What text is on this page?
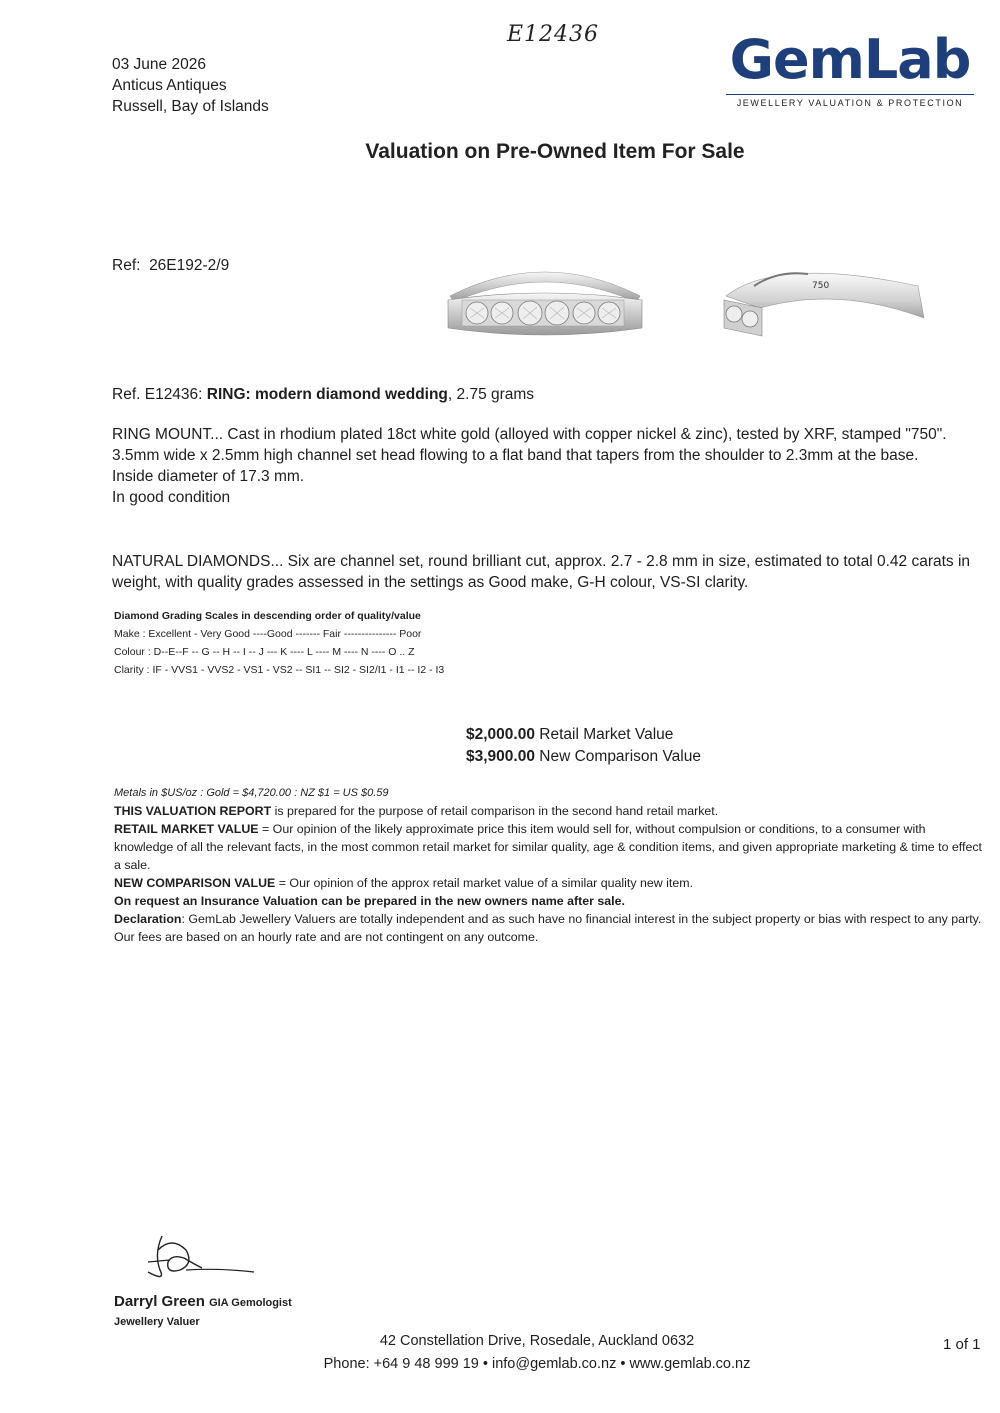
E12436
03 June 2026
Anticus Antiques
Russell, Bay of Islands
GemLab
JEWELLERY VALUATION & PROTECTION
Valuation on Pre-Owned Item For Sale
Ref: 26E192-2/9
750
Ref. E12436: RING: modern diamond wedding, 2.75 grams
RING MOUNT... Cast in rhodium plated 18ct white gold (alloyed with copper nickel & zinc), tested by XRF, stamped "750".
3.5mm wide x 2.5mm high channel set head flowing to a flat band that tapers from the shoulder to 2.3mm at the base.
Inside diameter of 17.3 mm.
In good condition
NATURAL DIAMONDS... Six are channel set, round brilliant cut, approx. 2.7 - 2.8 mm in size, estimated to total 0.42 carats in weight, with quality grades assessed in the settings as Good make, G-H colour, VS-SI clarity.
Diamond Grading Scales in descending order of quality/value
Make : Excellent - Very Good ----Good ------- Fair --------------- Poor
Colour : D--E--F -- G -- H -- I -- J --- K ---- L ---- M ---- N ---- O .. Z
Clarity : IF - VVS1 - VVS2 - VS1 - VS2 -- SI1 -- SI2 - SI2/I1 - I1 -- I2 - I3
$2,000.00 Retail Market Value
$3,900.00 New Comparison Value
Metals in $US/oz : Gold = $4,720.00 : NZ $1 = US $0.59
THIS VALUATION REPORT is prepared for the purpose of retail comparison in the second hand retail market.
RETAIL MARKET VALUE = Our opinion of the likely approximate price this item would sell for, without compulsion or conditions, to a consumer with knowledge of all the relevant facts, in the most common retail market for similar quality, age & condition items, and given appropriate marketing & time to effect a sale.
NEW COMPARISON VALUE = Our opinion of the approx retail market value of a similar quality new item.
On request an Insurance Valuation can be prepared in the new owners name after sale.
Declaration: GemLab Jewellery Valuers are totally independent and as such have no financial interest in the subject property or bias with respect to any party. Our fees are based on an hourly rate and are not contingent on any outcome.
Darryl Green GIA Gemologist
Jewellery Valuer
42 Constellation Drive, Rosedale, Auckland 0632
Phone: +64 9 48 999 19 • info@gemlab.co.nz • www.gemlab.co.nz
1 of 1
